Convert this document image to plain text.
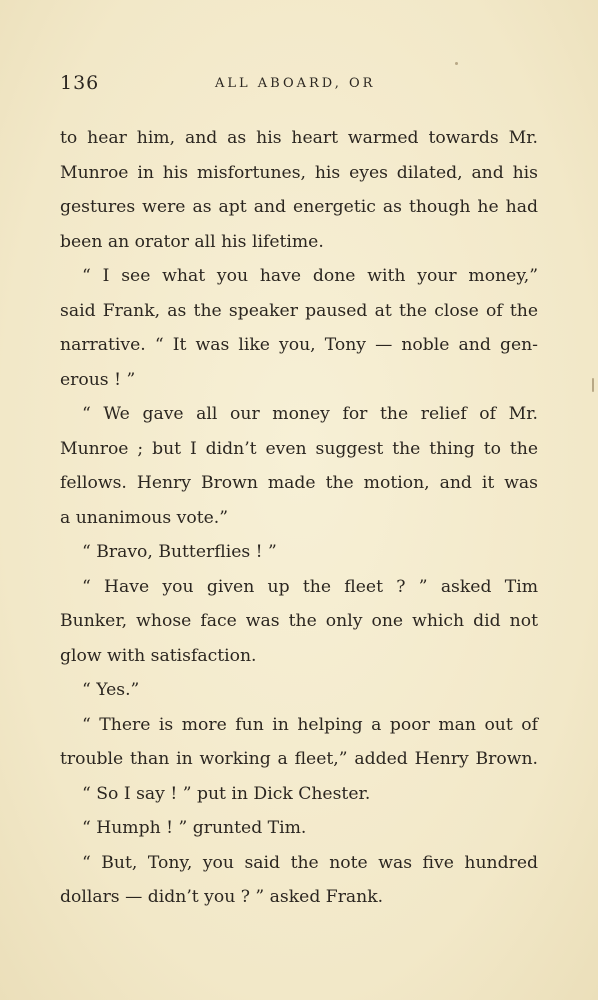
136	ALL ABOARD, OR
to hear him, and as his heart warmed towards Mr.
Munroe in his misfortunes, his eyes dilated, and his
gestures were as apt and energetic as though he had
been an orator all his lifetime.
“ I see what you have done with your money,”
said Frank, as the speaker paused at the close of the
narrative. “ It was like you, Tony — noble and gen-
erous ! ”
“ We gave all our money for the relief of Mr.
Munroe ; but I didn’t even suggest the thing to the
fellows. Henry Brown made the motion, and it was
a unanimous vote.”
“ Bravo, Butterflies ! ”
“ Have you given up the fleet ? ” asked Tim
Bunker, whose face was the only one which did not
glow with satisfaction.
“ Yes.”
“ There is more fun in helping a poor man out of
trouble than in working a fleet,” added Henry Brown.
“ So I say ! ” put in Dick Chester.
“ Humph ! ” grunted Tim.
“ But, Tony, you said the note was five hundred
dollars — didn’t you ? ” asked Frank.
